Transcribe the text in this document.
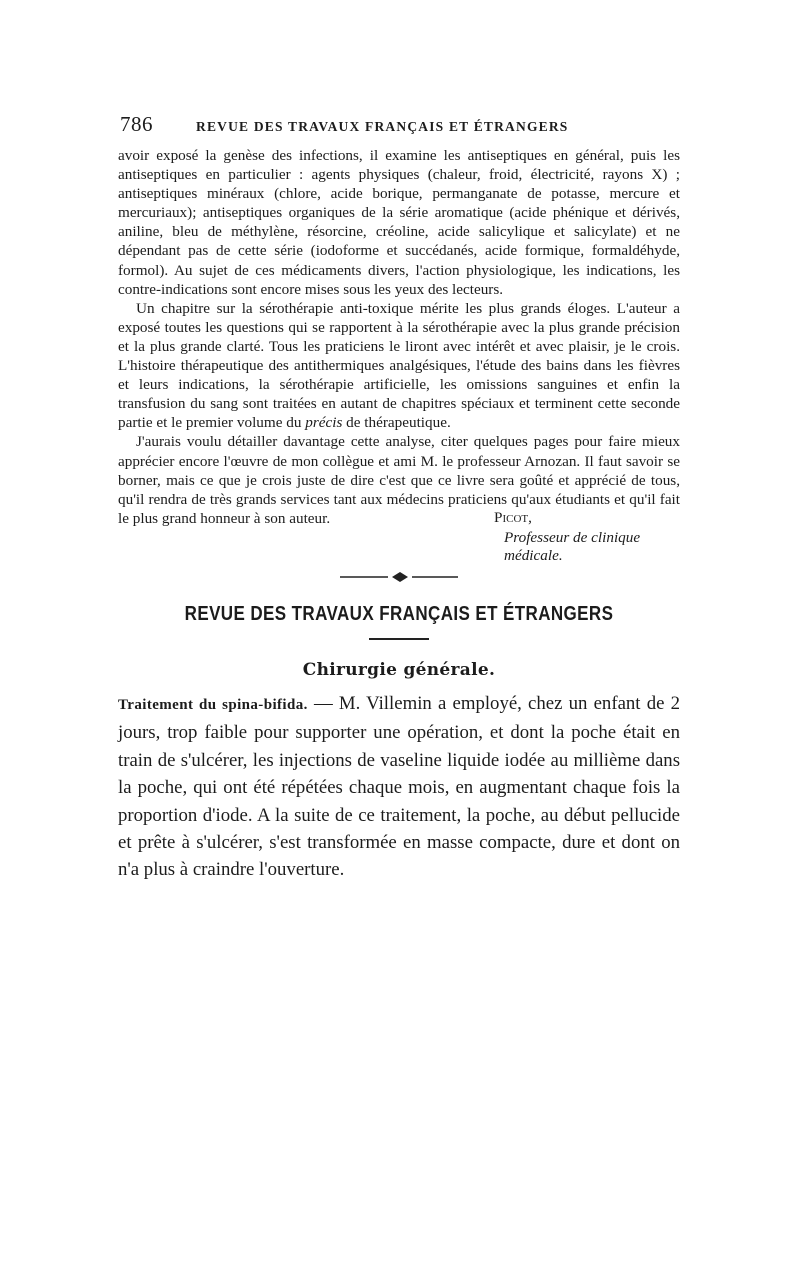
786	REVUE DES TRAVAUX FRANÇAIS ET ÉTRANGERS

avoir exposé la genèse des infections, il examine les antiseptiques en général, puis les antiseptiques en particulier : agents physiques (chaleur, froid, électricité, rayons X) ; antiseptiques minéraux (chlore, acide borique, permanganate de potasse, mercure et mercuriaux); antiseptiques organiques de la série aromatique (acide phénique et dérivés, aniline, bleu de méthylène, résorcine, créoline, acide salicylique et salicylate) et ne dépendant pas de cette série (iodoforme et succédanés, acide formique, formaldéhyde, formol). Au sujet de ces médicaments divers, l'action physiologique, les indications, les contre-indications sont encore mises sous les yeux des lecteurs.

Un chapitre sur la sérothérapie anti-toxique mérite les plus grands éloges. L'auteur a exposé toutes les questions qui se rapportent à la sérothérapie avec la plus grande précision et la plus grande clarté. Tous les praticiens le liront avec intérêt et avec plaisir, je le crois. L'histoire thérapeutique des antithermiques analgésiques, l'étude des bains dans les fièvres et leurs indications, la sérothérapie artificielle, les omissions sanguines et enfin la transfusion du sang sont traitées en autant de chapitres spéciaux et terminent cette seconde partie et le premier volume du précis de thérapeutique.

J'aurais voulu détailler davantage cette analyse, citer quelques pages pour faire mieux apprécier encore l'œuvre de mon collègue et ami M. le professeur Arnozan. Il faut savoir se borner, mais ce que je crois juste de dire c'est que ce livre sera goûté et apprécié de tous, qu'il rendra de très grands services tant aux médecins praticiens qu'aux étudiants et qu'il fait le plus grand honneur à son auteur.	Picot,
Professeur de clinique médicale.
REVUE DES TRAVAUX FRANÇAIS ET ÉTRANGERS
Chirurgie générale.

Traitement du spina-bifida. — M. Villemin a employé, chez un enfant de 2 jours, trop faible pour supporter une opération, et dont la poche était en train de s'ulcérer, les injections de vaseline liquide iodée au millième dans la poche, qui ont été répétées chaque mois, en augmentant chaque fois la proportion d'iode. A la suite de ce traitement, la poche, au début pellucide et prête à s'ulcérer, s'est transformée en masse compacte, dure et dont on n'a plus à craindre l'ouverture.
